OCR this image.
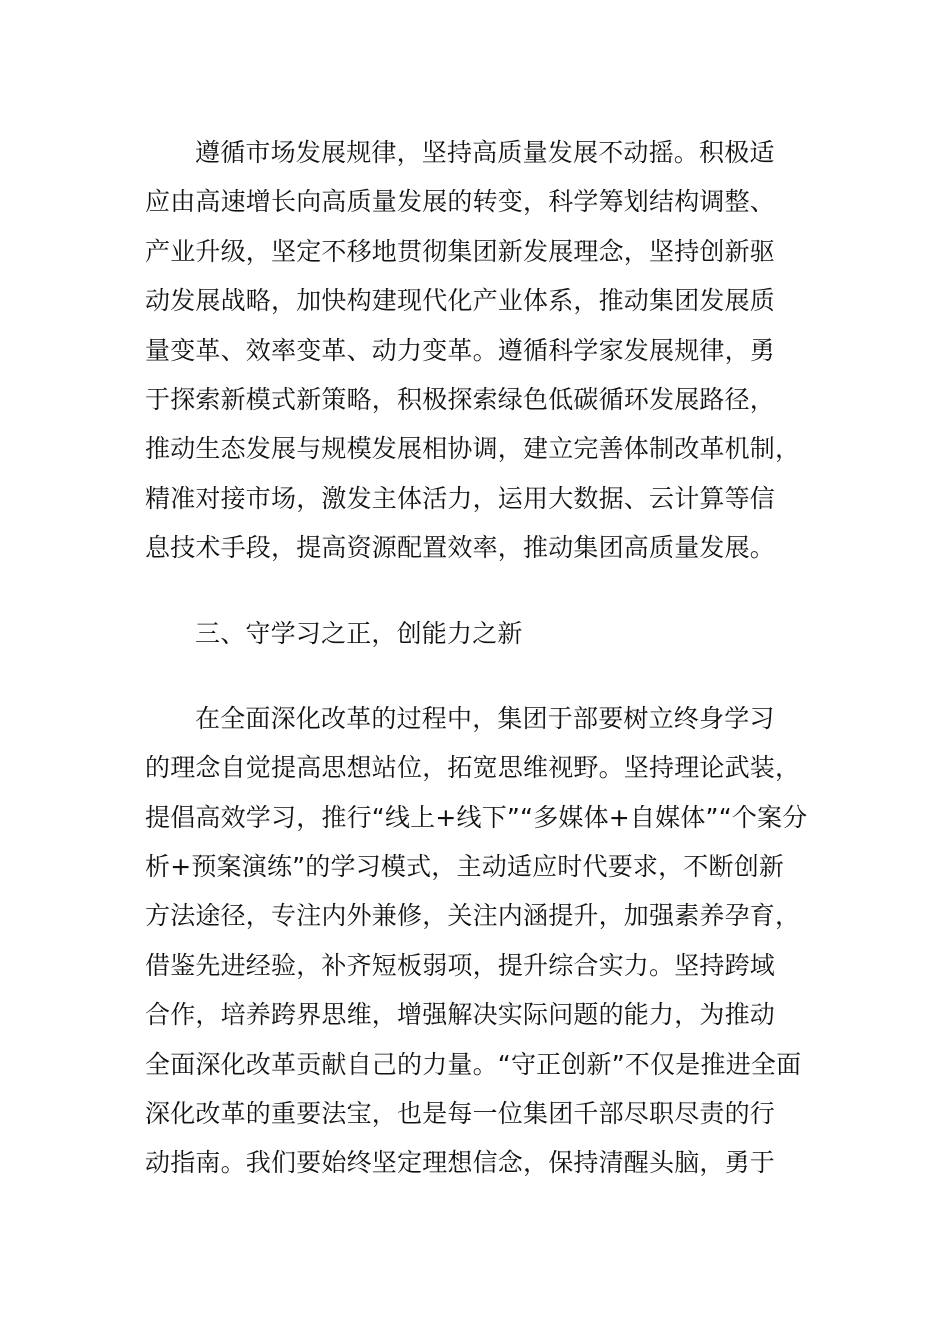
遵循市场发展规律，坚持高质量发展不动摇。积极适
应由高速增长向高质量发展的转变，科学筹划结构调整、
产业升级，坚定不移地贯彻集团新发展理念，坚持创新驱
动发展战略，加快构建现代化产业体系，推动集团发展质
量变革、效率变革、动力变革。遵循科学家发展规律，勇
于探索新模式新策略，积极探索绿色低碳循环发展路径，
推动生态发展与规模发展相协调，建立完善体制改革机制，
精准对接市场，激发主体活力，运用大数据、云计算等信
息技术手段，提高资源配置效率，推动集团高质量发展。
三、守学习之正，创能力之新
在全面深化改革的过程中，集团于部要树立终身学习
的理念自觉提高思想站位，拓宽思维视野。坚持理论武装，
提倡高效学习，推行“线上+线下”“多媒体+自媒体”“个案分
析+预案演练”的学习模式，主动适应时代要求，不断创新
方法途径，专注内外兼修，关注内涵提升，加强素养孕育，
借鉴先进经验，补齐短板弱项，提升综合实力。坚持跨域
合作，培养跨界思维，增强解决实际问题的能力，为推动
全面深化改革贡献自己的力量。“守正创新”不仅是推进全面
深化改革的重要法宝，也是每一位集团千部尽职尽责的行
动指南。我们要始终坚定理想信念，保持清醒头脑，勇于
